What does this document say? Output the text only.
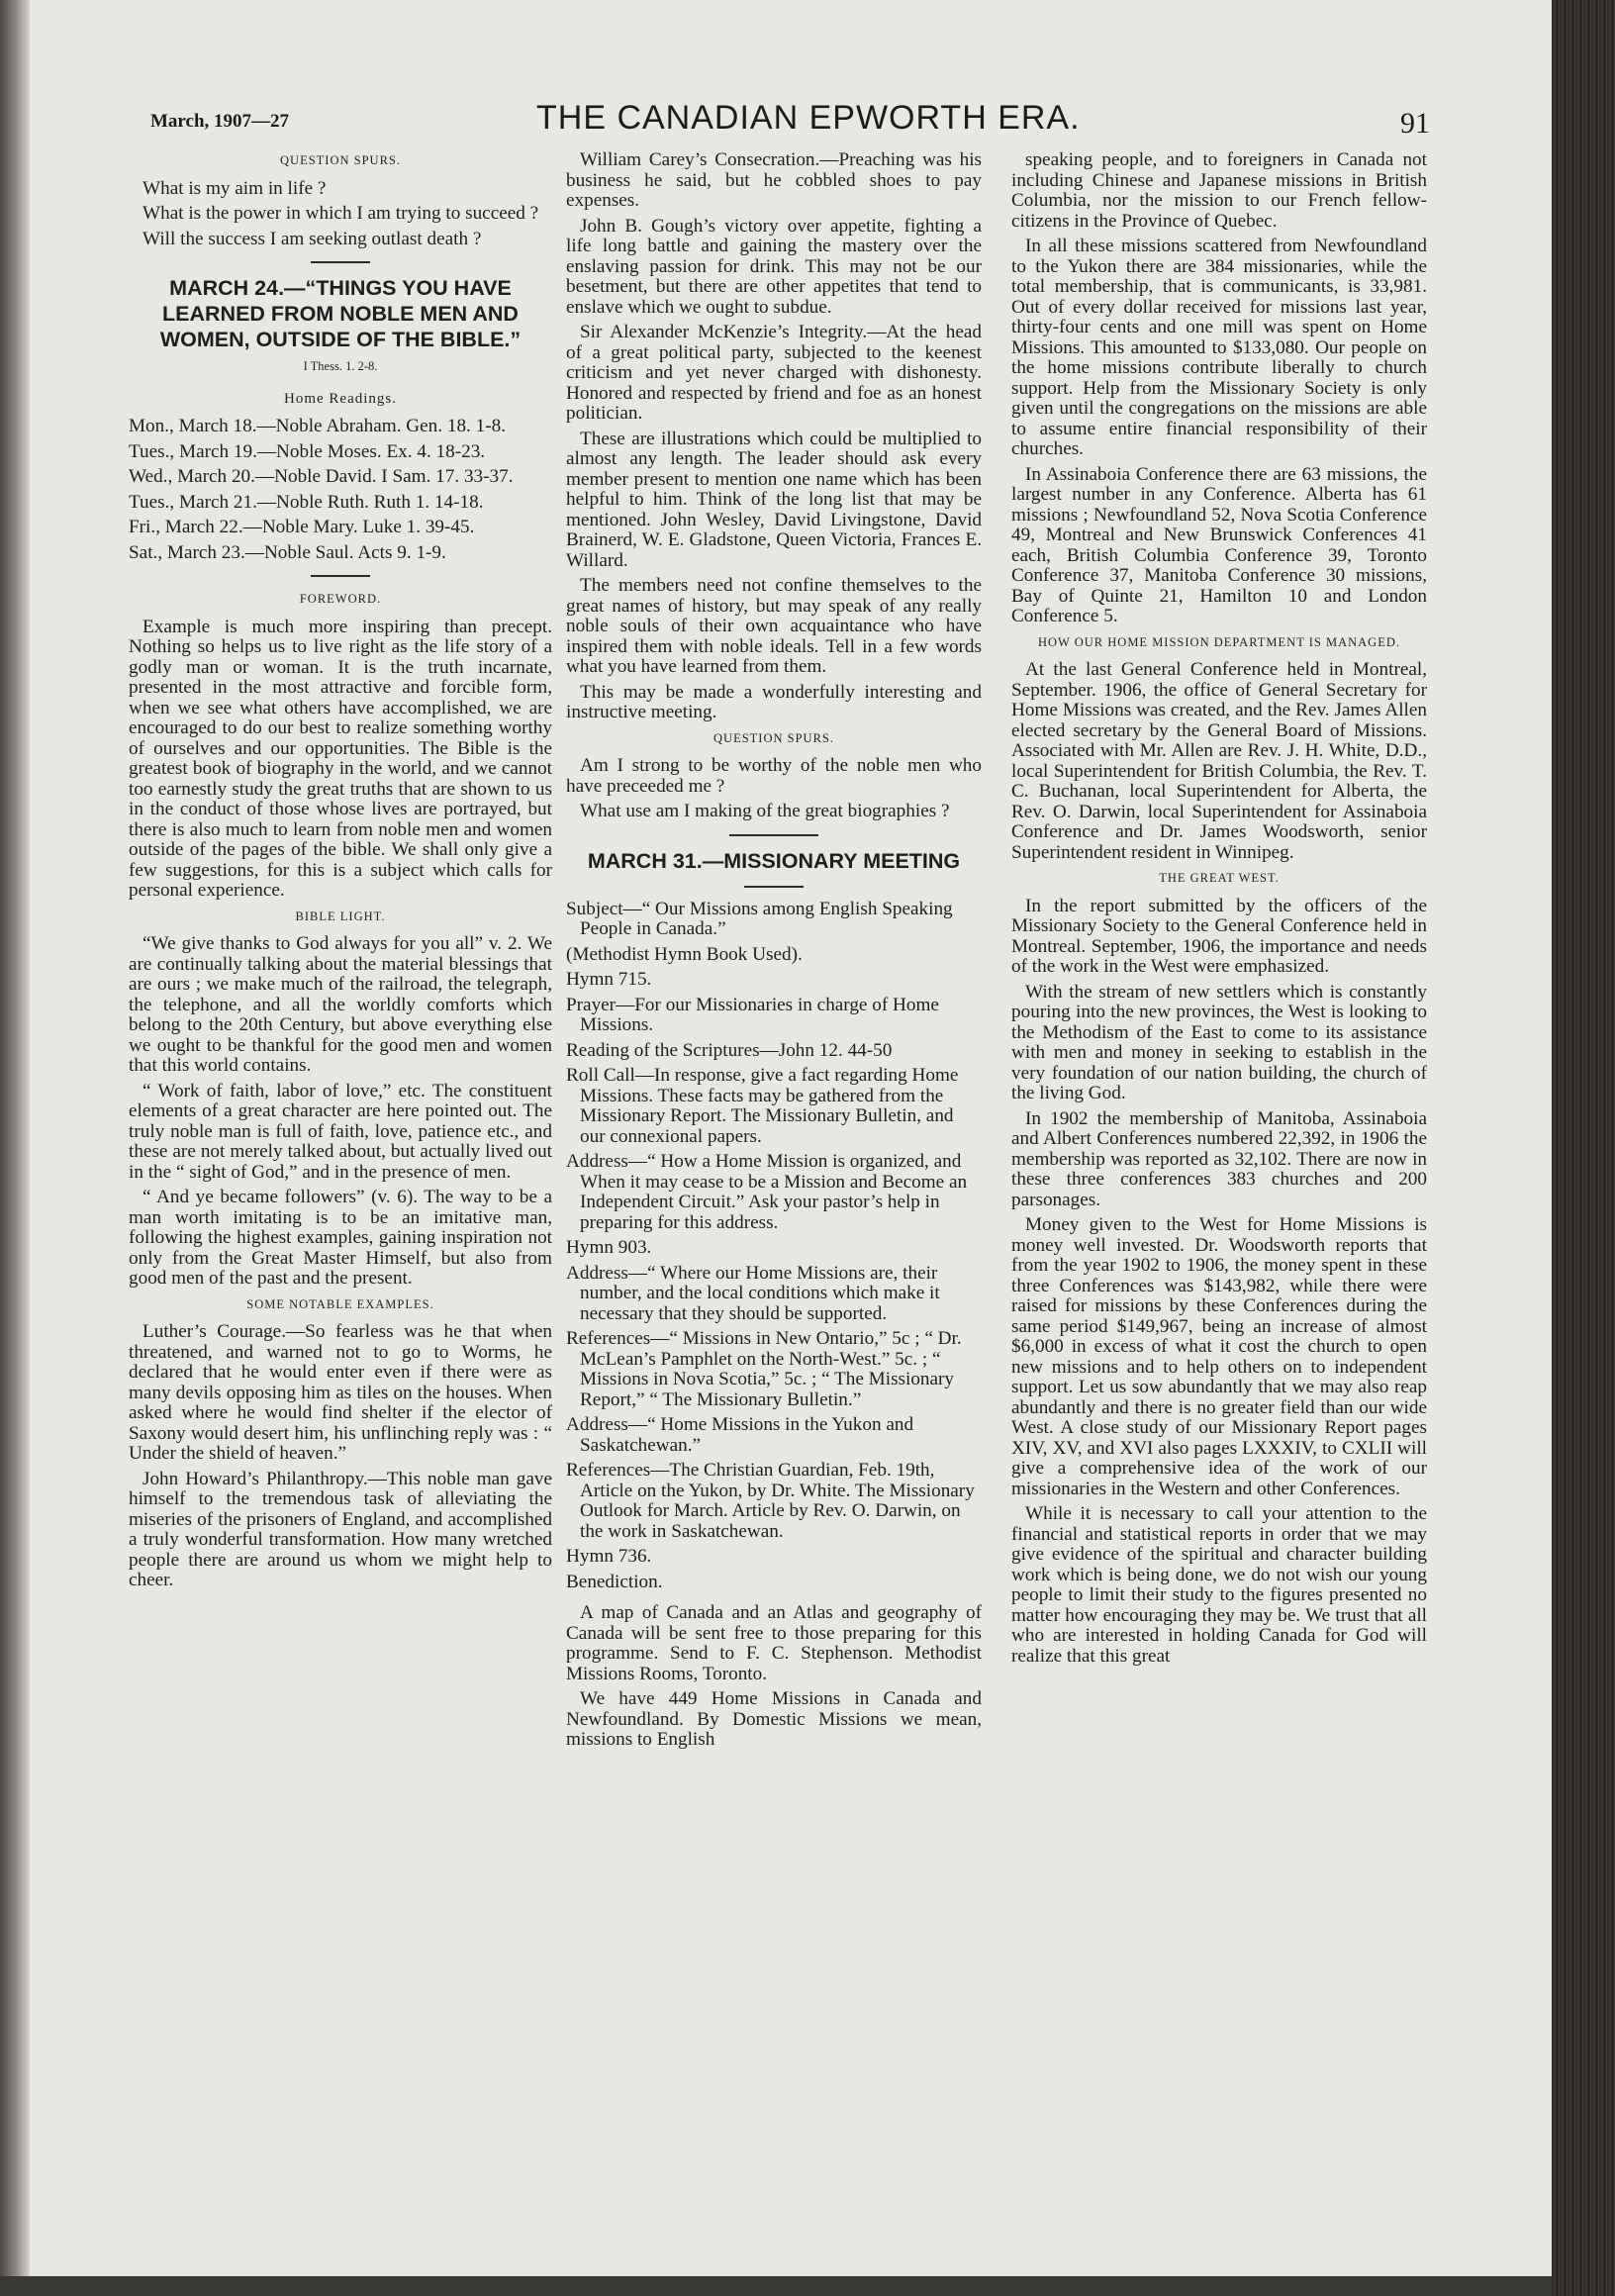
March, 1907—27	THE CANADIAN EPWORTH ERA.	91
QUESTION SPURS.

What is my aim in life ?

What is the power in which I am trying to succeed ?

Will the success I am seeking outlast death ?

MARCH 24.—“THINGS YOU HAVE LEARNED FROM NOBLE MEN AND WOMEN, OUTSIDE OF THE BIBLE.”
I Thess. 1. 2-8.
Home Readings.

Mon., March 18.—Noble Abraham. Gen. 18. 1-8.

Tues., March 19.—Noble Moses. Ex. 4. 18-23.

Wed., March 20.—Noble David. I Sam. 17. 33-37.

Tues., March 21.—Noble Ruth. Ruth 1. 14-18.

Fri., March 22.—Noble Mary. Luke 1. 39-45.

Sat., March 23.—Noble Saul. Acts 9. 1-9.

FOREWORD.

Example is much more inspiring than precept. Nothing so helps us to live right as the life story of a godly man or woman. It is the truth incarnate, presented in the most attractive and forcible form, when we see what others have accomplished, we are encouraged to do our best to realize something worthy of ourselves and our opportunities. The Bible is the greatest book of biography in the world, and we cannot too earnestly study the great truths that are shown to us in the conduct of those whose lives are portrayed, but there is also much to learn from noble men and women outside of the pages of the bible. We shall only give a few suggestions, for this is a subject which calls for personal experience.

BIBLE LIGHT.

“We give thanks to God always for you all” v. 2. We are continually talking about the material blessings that are ours ; we make much of the railroad, the telegraph, the telephone, and all the worldly comforts which belong to the 20th Century, but above everything else we ought to be thankful for the good men and women that this world contains.

“ Work of faith, labor of love,” etc. The constituent elements of a great character are here pointed out. The truly noble man is full of faith, love, patience etc., and these are not merely talked about, but actually lived out in the “ sight of God,” and in the presence of men.

“ And ye became followers” (v. 6). The way to be a man worth imitating is to be an imitative man, following the highest examples, gaining inspiration not only from the Great Master Himself, but also from good men of the past and the present.

SOME NOTABLE EXAMPLES.

Luther’s Courage.—So fearless was he that when threatened, and warned not to go to Worms, he declared that he would enter even if there were as many devils opposing him as tiles on the houses. When asked where he would find shelter if the elector of Saxony would desert him, his unflinching reply was : “ Under the shield of heaven.”

John Howard’s Philanthropy.—This noble man gave himself to the tremendous task of alleviating the miseries of the prisoners of England, and accomplished a truly wonderful transformation. How many wretched people there are around us whom we might help to cheer.

William Carey’s Consecration.—Preaching was his business he said, but he cobbled shoes to pay expenses.

John B. Gough’s victory over appetite, fighting a life long battle and gaining the mastery over the enslaving passion for drink. This may not be our besetment, but there are other appetites that tend to enslave which we ought to subdue.

Sir Alexander McKenzie’s Integrity.—At the head of a great political party, subjected to the keenest criticism and yet never charged with dishonesty. Honored and respected by friend and foe as an honest politician.

These are illustrations which could be multiplied to almost any length. The leader should ask every member present to mention one name which has been helpful to him. Think of the long list that may be mentioned. John Wesley, David Livingstone, David Brainerd, W. E. Gladstone, Queen Victoria, Frances E. Willard.

The members need not confine themselves to the great names of history, but may speak of any really noble souls of their own acquaintance who have inspired them with noble ideals. Tell in a few words what you have learned from them.

This may be made a wonderfully interesting and instructive meeting.

QUESTION SPURS.

Am I strong to be worthy of the noble men who have preceeded me ?

What use am I making of the great biographies ?

MARCH 31.—MISSIONARY MEETING

Subject—“ Our Missions among English Speaking People in Canada.”

(Methodist Hymn Book Used).

Hymn 715.

Prayer—For our Missionaries in charge of Home Missions.

Reading of the Scriptures—John 12. 44-50

Roll Call—In response, give a fact regarding Home Missions. These facts may be gathered from the Missionary Report. The Missionary Bulletin, and our connexional papers.

Address—“ How a Home Mission is organized, and When it may cease to be a Mission and Become an Independent Circuit.” Ask your pastor’s help in preparing for this address.

Hymn 903.

Address—“ Where our Home Missions are, their number, and the local conditions which make it necessary that they should be supported.

References—“ Missions in New Ontario,” 5c ; “ Dr. McLean’s Pamphlet on the North-West.” 5c. ; “ Missions in Nova Scotia,” 5c. ; “ The Missionary Report,” “ The Missionary Bulletin.”

Address—“ Home Missions in the Yukon and Saskatchewan.”

References—The Christian Guardian, Feb. 19th, Article on the Yukon, by Dr. White. The Missionary Outlook for March. Article by Rev. O. Darwin, on the work in Saskatchewan.

Hymn 736.

Benediction.

A map of Canada and an Atlas and geography of Canada will be sent free to those preparing for this programme. Send to F. C. Stephenson. Methodist Missions Rooms, Toronto.

We have 449 Home Missions in Canada and Newfoundland. By Domestic Missions we mean, missions to English

speaking people, and to foreigners in Canada not including Chinese and Japanese missions in British Columbia, nor the mission to our French fellow-citizens in the Province of Quebec.

In all these missions scattered from Newfoundland to the Yukon there are 384 missionaries, while the total membership, that is communicants, is 33,981. Out of every dollar received for missions last year, thirty-four cents and one mill was spent on Home Missions. This amounted to $133,080. Our people on the home missions contribute liberally to church support. Help from the Missionary Society is only given until the congregations on the missions are able to assume entire financial responsibility of their churches.

In Assinaboia Conference there are 63 missions, the largest number in any Conference. Alberta has 61 missions ; Newfoundland 52, Nova Scotia Conference 49, Montreal and New Brunswick Conferences 41 each, British Columbia Conference 39, Toronto Conference 37, Manitoba Conference 30 missions, Bay of Quinte 21, Hamilton 10 and London Conference 5.

HOW OUR HOME MISSION DEPARTMENT IS MANAGED.

At the last General Conference held in Montreal, September. 1906, the office of General Secretary for Home Missions was created, and the Rev. James Allen elected secretary by the General Board of Missions. Associated with Mr. Allen are Rev. J. H. White, D.D., local Superintendent for British Columbia, the Rev. T. C. Buchanan, local Superintendent for Alberta, the Rev. O. Darwin, local Superintendent for Assinaboia Conference and Dr. James Woodsworth, senior Superintendent resident in Winnipeg.

THE GREAT WEST.

In the report submitted by the officers of the Missionary Society to the General Conference held in Montreal. September, 1906, the importance and needs of the work in the West were emphasized.

With the stream of new settlers which is constantly pouring into the new provinces, the West is looking to the Methodism of the East to come to its assistance with men and money in seeking to establish in the very foundation of our nation building, the church of the living God.

In 1902 the membership of Manitoba, Assinaboia and Albert Conferences numbered 22,392, in 1906 the membership was reported as 32,102. There are now in these three conferences 383 churches and 200 parsonages.

Money given to the West for Home Missions is money well invested. Dr. Woodsworth reports that from the year 1902 to 1906, the money spent in these three Conferences was $143,982, while there were raised for missions by these Conferences during the same period $149,967, being an increase of almost $6,000 in excess of what it cost the church to open new missions and to help others on to independent support. Let us sow abundantly that we may also reap abundantly and there is no greater field than our wide West. A close study of our Missionary Report pages XIV, XV, and XVI also pages LXXXIV, to CXLII will give a comprehensive idea of the work of our missionaries in the Western and other Conferences.

While it is necessary to call your attention to the financial and statistical reports in order that we may give evidence of the spiritual and character building work which is being done, we do not wish our young people to limit their study to the figures presented no matter how encouraging they may be. We trust that all who are interested in holding Canada for God will realize that this great
